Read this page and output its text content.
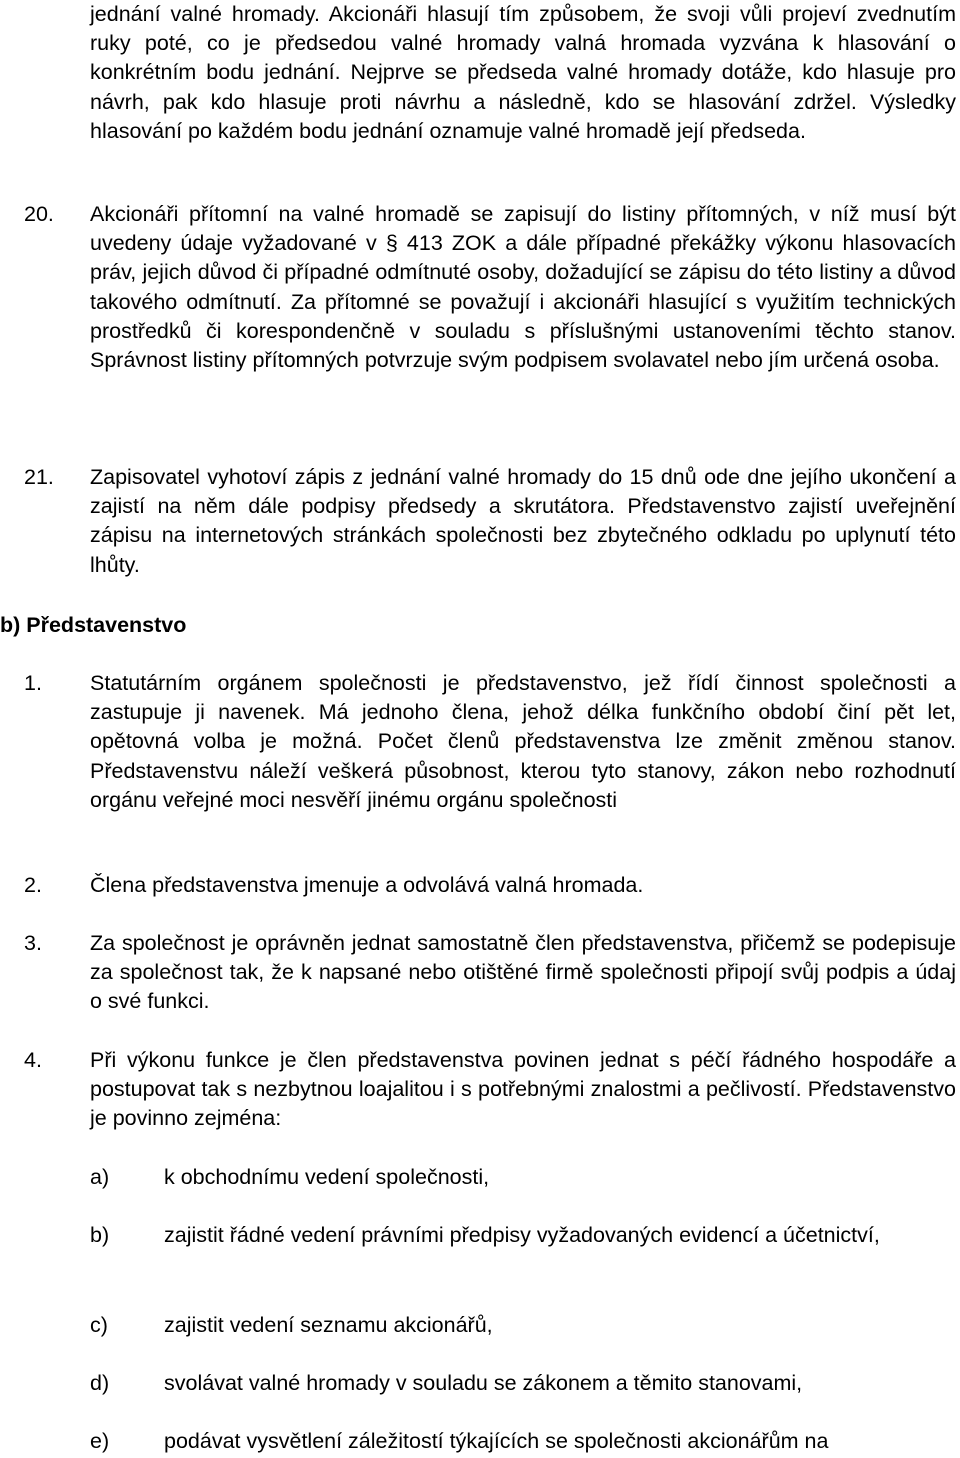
jednání valné hromady. Akcionáři hlasují tím způsobem, že svoji vůli projeví zvednutím ruky poté, co je předsedou valné hromady valná hromada vyzvána k hlasování o konkrétním bodu jednání. Nejprve se předseda valné hromady dotáže, kdo hlasuje pro návrh, pak kdo hlasuje proti návrhu a následně, kdo se hlasování zdržel. Výsledky hlasování po každém bodu jednání oznamuje valné hromadě její předseda.

20. Akcionáři přítomní na valné hromadě se zapisují do listiny přítomných, v níž musí být uvedeny údaje vyžadované v § 413 ZOK a dále případné překážky výkonu hlasovacích práv, jejich důvod či případné odmítnuté osoby, dožadující se zápisu do této listiny a důvod takového odmítnutí. Za přítomné se považují i akcionáři hlasující s využitím technických prostředků či korespondenčně v souladu s příslušnými ustanoveními těchto stanov. Správnost listiny přítomných potvrzuje svým podpisem svolavatel nebo jím určená osoba.

21. Zapisovatel vyhotoví zápis z jednání valné hromady do 15 dnů ode dne jejího ukončení a zajistí na něm dále podpisy předsedy a skrutátora. Představenstvo zajistí uveřejnění zápisu na internetových stránkách společnosti bez zbytečného odkladu po uplynutí této lhůty.

b) Představenstvo
1. Statutárním orgánem společnosti je představenstvo, jež řídí činnost společnosti a zastupuje ji navenek. Má jednoho člena, jehož délka funkčního období činí pět let, opětovná volba je možná. Počet členů představenstva lze změnit změnou stanov. Představenstvu náleží veškerá působnost, kterou tyto stanovy, zákon nebo rozhodnutí orgánu veřejné moci nesvěří jinému orgánu společnosti

2. Člena představenstva jmenuje a odvolává valná hromada.

3. Za společnost je oprávněn jednat samostatně člen představenstva, přičemž se podepisuje za společnost tak, že k napsané nebo otištěné firmě společnosti připojí svůj podpis a údaj o své funkci.

4. Při výkonu funkce je člen představenstva povinen jednat s péčí řádného hospodáře a postupovat tak s nezbytnou loajalitou i s potřebnými znalostmi a pečlivostí. Představenstvo je povinno zejména:

a)	k obchodnímu vedení společnosti,

b)	zajistit řádné vedení právními předpisy vyžadovaných evidencí a účetnictví,

c)	zajistit vedení seznamu akcionářů,

d)	svolávat valné hromady v souladu se zákonem a těmito stanovami,

e)	podávat vysvětlení záležitostí týkajících se společnosti akcionářům na
